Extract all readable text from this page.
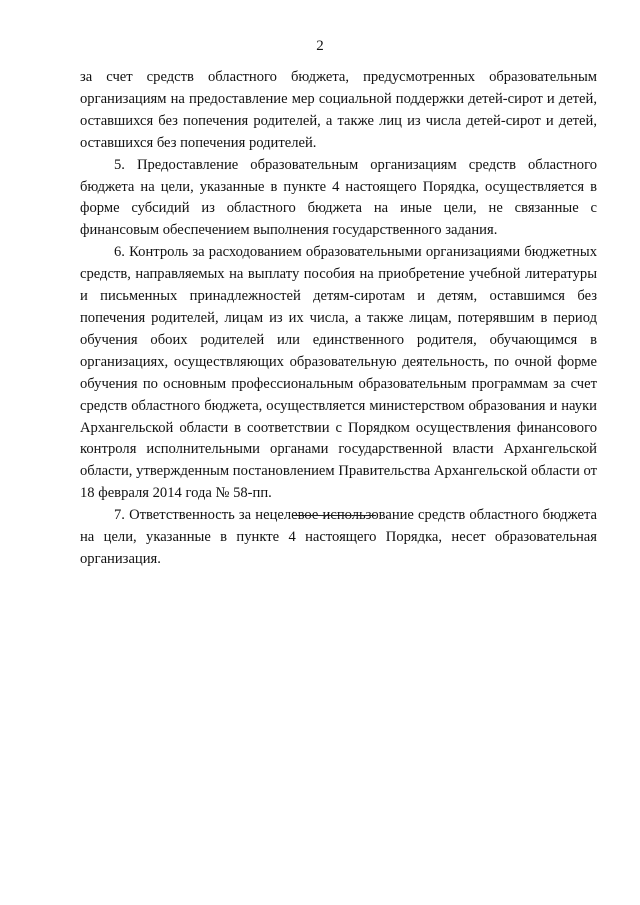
2

за счет средств областного бюджета, предусмотренных образовательным организациям на предоставление мер социальной поддержки детей-сирот и детей, оставшихся без попечения родителей, а также лиц из числа детей-сирот и детей, оставшихся без попечения родителей.

5. Предоставление образовательным организациям средств областного бюджета на цели, указанные в пункте 4 настоящего Порядка, осуществляется в форме субсидий из областного бюджета на иные цели, не связанные с финансовым обеспечением выполнения государственного задания.

6. Контроль за расходованием образовательными организациями бюджетных средств, направляемых на выплату пособия на приобретение учебной литературы и письменных принадлежностей детям-сиротам и детям, оставшимся без попечения родителей, лицам из их числа, а также лицам, потерявшим в период обучения обоих родителей или единственного родителя, обучающимся в организациях, осуществляющих образовательную деятельность, по очной форме обучения по основным профессиональным образовательным программам за счет средств областного бюджета, осуществляется министерством образования и науки Архангельской области в соответствии с Порядком осуществления финансового контроля исполнительными органами государственной власти Архангельской области, утвержденным постановлением Правительства Архангельской области от 18 февраля 2014 года № 58-пп.

7. Ответственность за нецелевое использование средств областного бюджета на цели, указанные в пункте 4 настоящего Порядка, несет образовательная организация.
